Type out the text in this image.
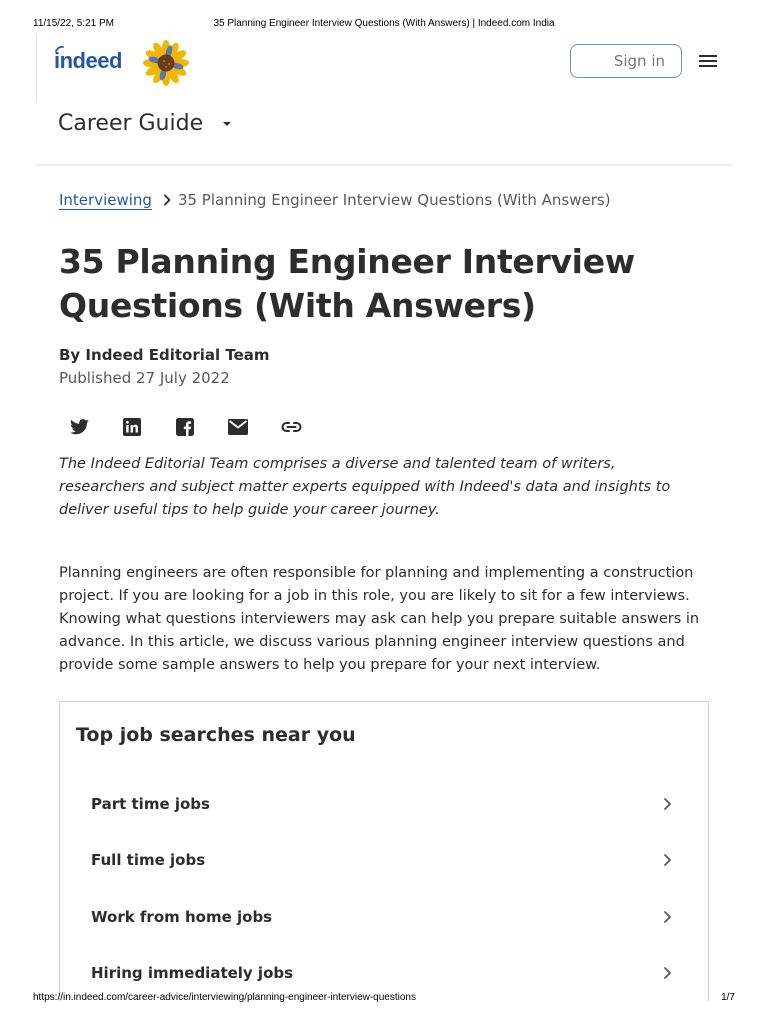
11/15/22, 5:21 PM	35 Planning Engineer Interview Questions (With Answers) | Indeed.com India
indeed	Sign in
Career Guide
Interviewing 35 Planning Engineer Interview Questions (With Answers)
35 Planning Engineer Interview Questions (With Answers)
By Indeed Editorial Team
Published 27 July 2022

The Indeed Editorial Team comprises a diverse and talented team of writers, researchers and subject matter experts equipped with Indeed's data and insights to deliver useful tips to help guide your career journey.

Planning engineers are often responsible for planning and implementing a construction project. If you are looking for a job in this role, you are likely to sit for a few interviews. Knowing what questions interviewers may ask can help you prepare suitable answers in advance. In this article, we discuss various planning engineer interview questions and provide some sample answers to help you prepare for your next interview.

Top job searches near you
Part time jobs
Full time jobs
Work from home jobs
Hiring immediately jobs
https://in.indeed.com/career-advice/interviewing/planning-engineer-interview-questions	1/7
